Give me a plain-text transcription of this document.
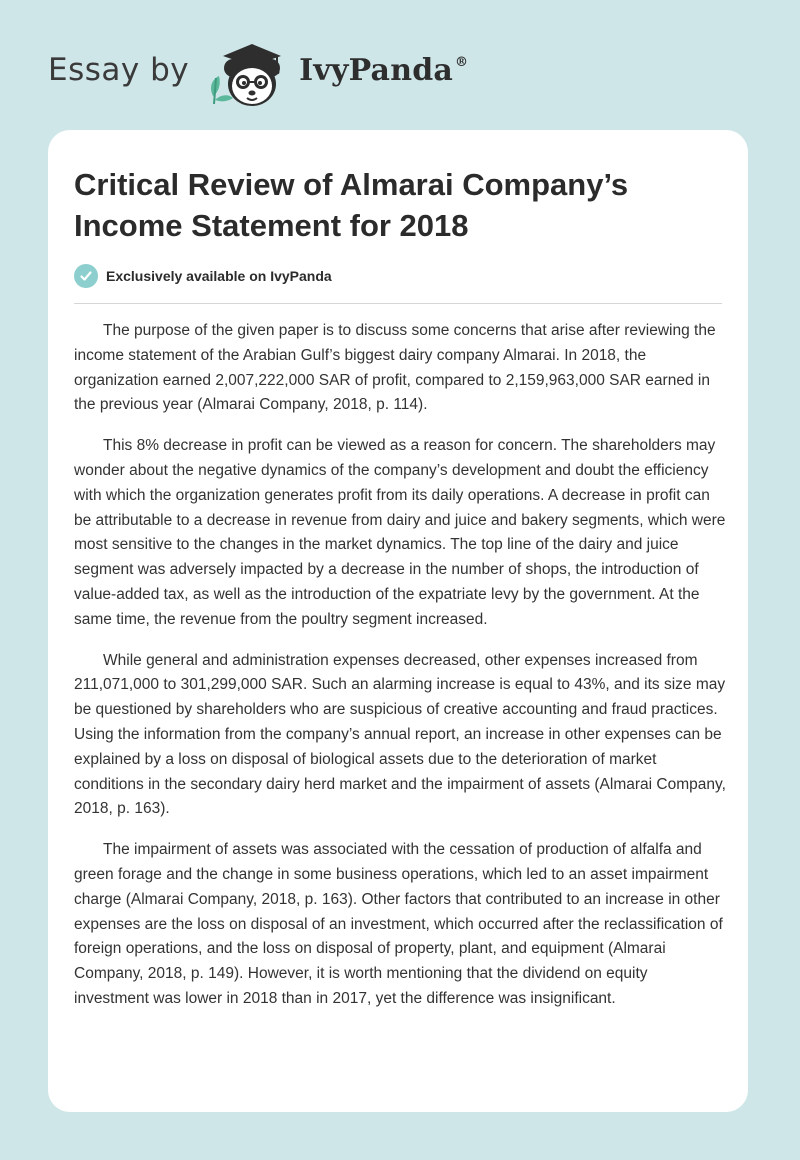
Essay by	IvyPanda ®
Critical Review of Almarai Company’s Income Statement for 2018
Exclusively available on IvyPanda

The purpose of the given paper is to discuss some concerns that arise after reviewing the income statement of the Arabian Gulf’s biggest dairy company Almarai. In 2018, the organization earned 2,007,222,000 SAR of profit, compared to 2,159,963,000 SAR earned in the previous year (Almarai Company, 2018, p. 114).

This 8% decrease in profit can be viewed as a reason for concern. The shareholders may wonder about the negative dynamics of the company’s development and doubt the efficiency with which the organization generates profit from its daily operations. A decrease in profit can be attributable to a decrease in revenue from dairy and juice and bakery segments, which were most sensitive to the changes in the market dynamics. The top line of the dairy and juice segment was adversely impacted by a decrease in the number of shops, the introduction of value-added tax, as well as the introduction of the expatriate levy by the government. At the same time, the revenue from the poultry segment increased.

While general and administration expenses decreased, other expenses increased from 211,071,000 to 301,299,000 SAR. Such an alarming increase is equal to 43%, and its size may be questioned by shareholders who are suspicious of creative accounting and fraud practices. Using the information from the company’s annual report, an increase in other expenses can be explained by a loss on disposal of biological assets due to the deterioration of market conditions in the secondary dairy herd market and the impairment of assets (Almarai Company, 2018, p. 163).

The impairment of assets was associated with the cessation of production of alfalfa and green forage and the change in some business operations, which led to an asset impairment charge (Almarai Company, 2018, p. 163). Other factors that contributed to an increase in other expenses are the loss on disposal of an investment, which occurred after the reclassification of foreign operations, and the loss on disposal of property, plant, and equipment (Almarai Company, 2018, p. 149). However, it is worth mentioning that the dividend on equity investment was lower in 2018 than in 2017, yet the difference was insignificant.
